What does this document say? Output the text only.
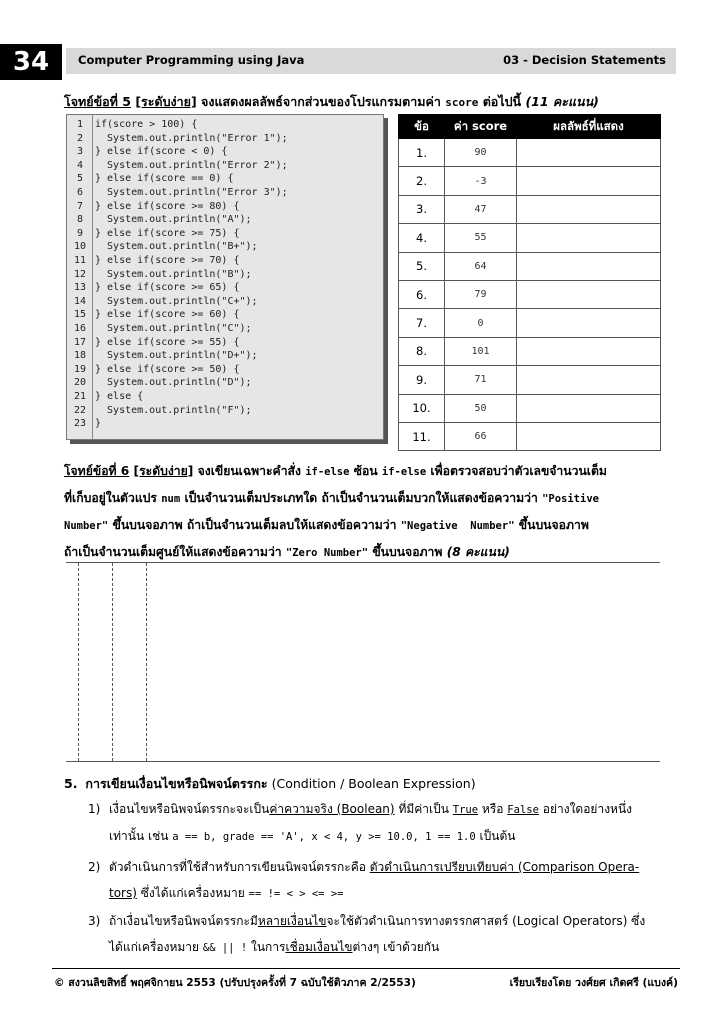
34	Computer Programming using Java	03 - Decision Statements
โจทย์ข้อที่ 5 [ระดับง่าย] จงแสดงผลลัพธ์จากส่วนของโปรแกรมตามค่า score ต่อไปนี้ (11 คะแนน)
1
2
3
4
5
6
7
8
9
10
11
12
13
14
15
16
17
18
19
20
21
22
23
if(score > 100) {
System.out.println("Error 1");
} else if(score < 0) {
System.out.println("Error 2");
} else if(score == 0) {
System.out.println("Error 3");
} else if(score >= 80) {
System.out.println("A");
} else if(score >= 75) {
System.out.println("B+");
} else if(score >= 70) {
System.out.println("B");
} else if(score >= 65) {
System.out.println("C+");
} else if(score >= 60) {
System.out.println("C");
} else if(score >= 55) {
System.out.println("D+");
} else if(score >= 50) {
System.out.println("D");
} else {
System.out.println("F");
}
ข้อ	ค่า score	ผลลัพธ์ที่แสดง
1.	90	
2.	-3	
3.	47	
4.	55	
5.	64	
6.	79	
7.	0	
8.	101	
9.	71	
10.	50	
11.	66	
โจทย์ข้อที่ 6 [ระดับง่าย] จงเขียนเฉพาะคำสั่ง if-else ซ้อน if-else เพื่อตรวจสอบว่าตัวเลขจำนวนเต็ม
ที่เก็บอยู่ในตัวแปร num เป็นจำนวนเต็มประเภทใด ถ้าเป็นจำนวนเต็มบวกให้แสดงข้อความว่า "Positive
Number" ขึ้นบนจอภาพ ถ้าเป็นจำนวนเต็มลบให้แสดงข้อความว่า "Negative  Number" ขึ้นบนจอภาพ
ถ้าเป็นจำนวนเต็มศูนย์ให้แสดงข้อความว่า "Zero Number" ขึ้นบนจอภาพ (8 คะแนน)
5. การเขียนเงื่อนไขหรือนิพจน์ตรรกะ (Condition / Boolean Expression)
1) เงื่อนไขหรือนิพจน์ตรรกะจะเป็นค่าความจริง (Boolean) ที่มีค่าเป็น True หรือ False อย่างใดอย่างหนึ่ง
เท่านั้น เช่น a == b, grade == 'A', x < 4, y >= 10.0, 1 == 1.0 เป็นต้น
2) ตัวดำเนินการที่ใช้สำหรับการเขียนนิพจน์ตรรกะคือ ตัวดำเนินการเปรียบเทียบค่า (Comparison Opera-
tors) ซึ่งได้แก่เครื่องหมาย == != < > <= >=
3) ถ้าเงื่อนไขหรือนิพจน์ตรรกะมีหลายเงื่อนไขจะใช้ตัวดำเนินการทางตรรกศาสตร์ (Logical Operators) ซึ่ง
ได้แก่เครื่องหมาย && || ! ในการเชื่อมเงื่อนไขต่างๆ เข้าด้วยกัน
© สงวนลิขสิทธิ์ พฤศจิกายน 2553 (ปรับปรุงครั้งที่ 7 ฉบับใช้ติวภาค 2/2553)	เรียบเรียงโดย วงศ์ยศ เกิดศรี (แบงค์)
